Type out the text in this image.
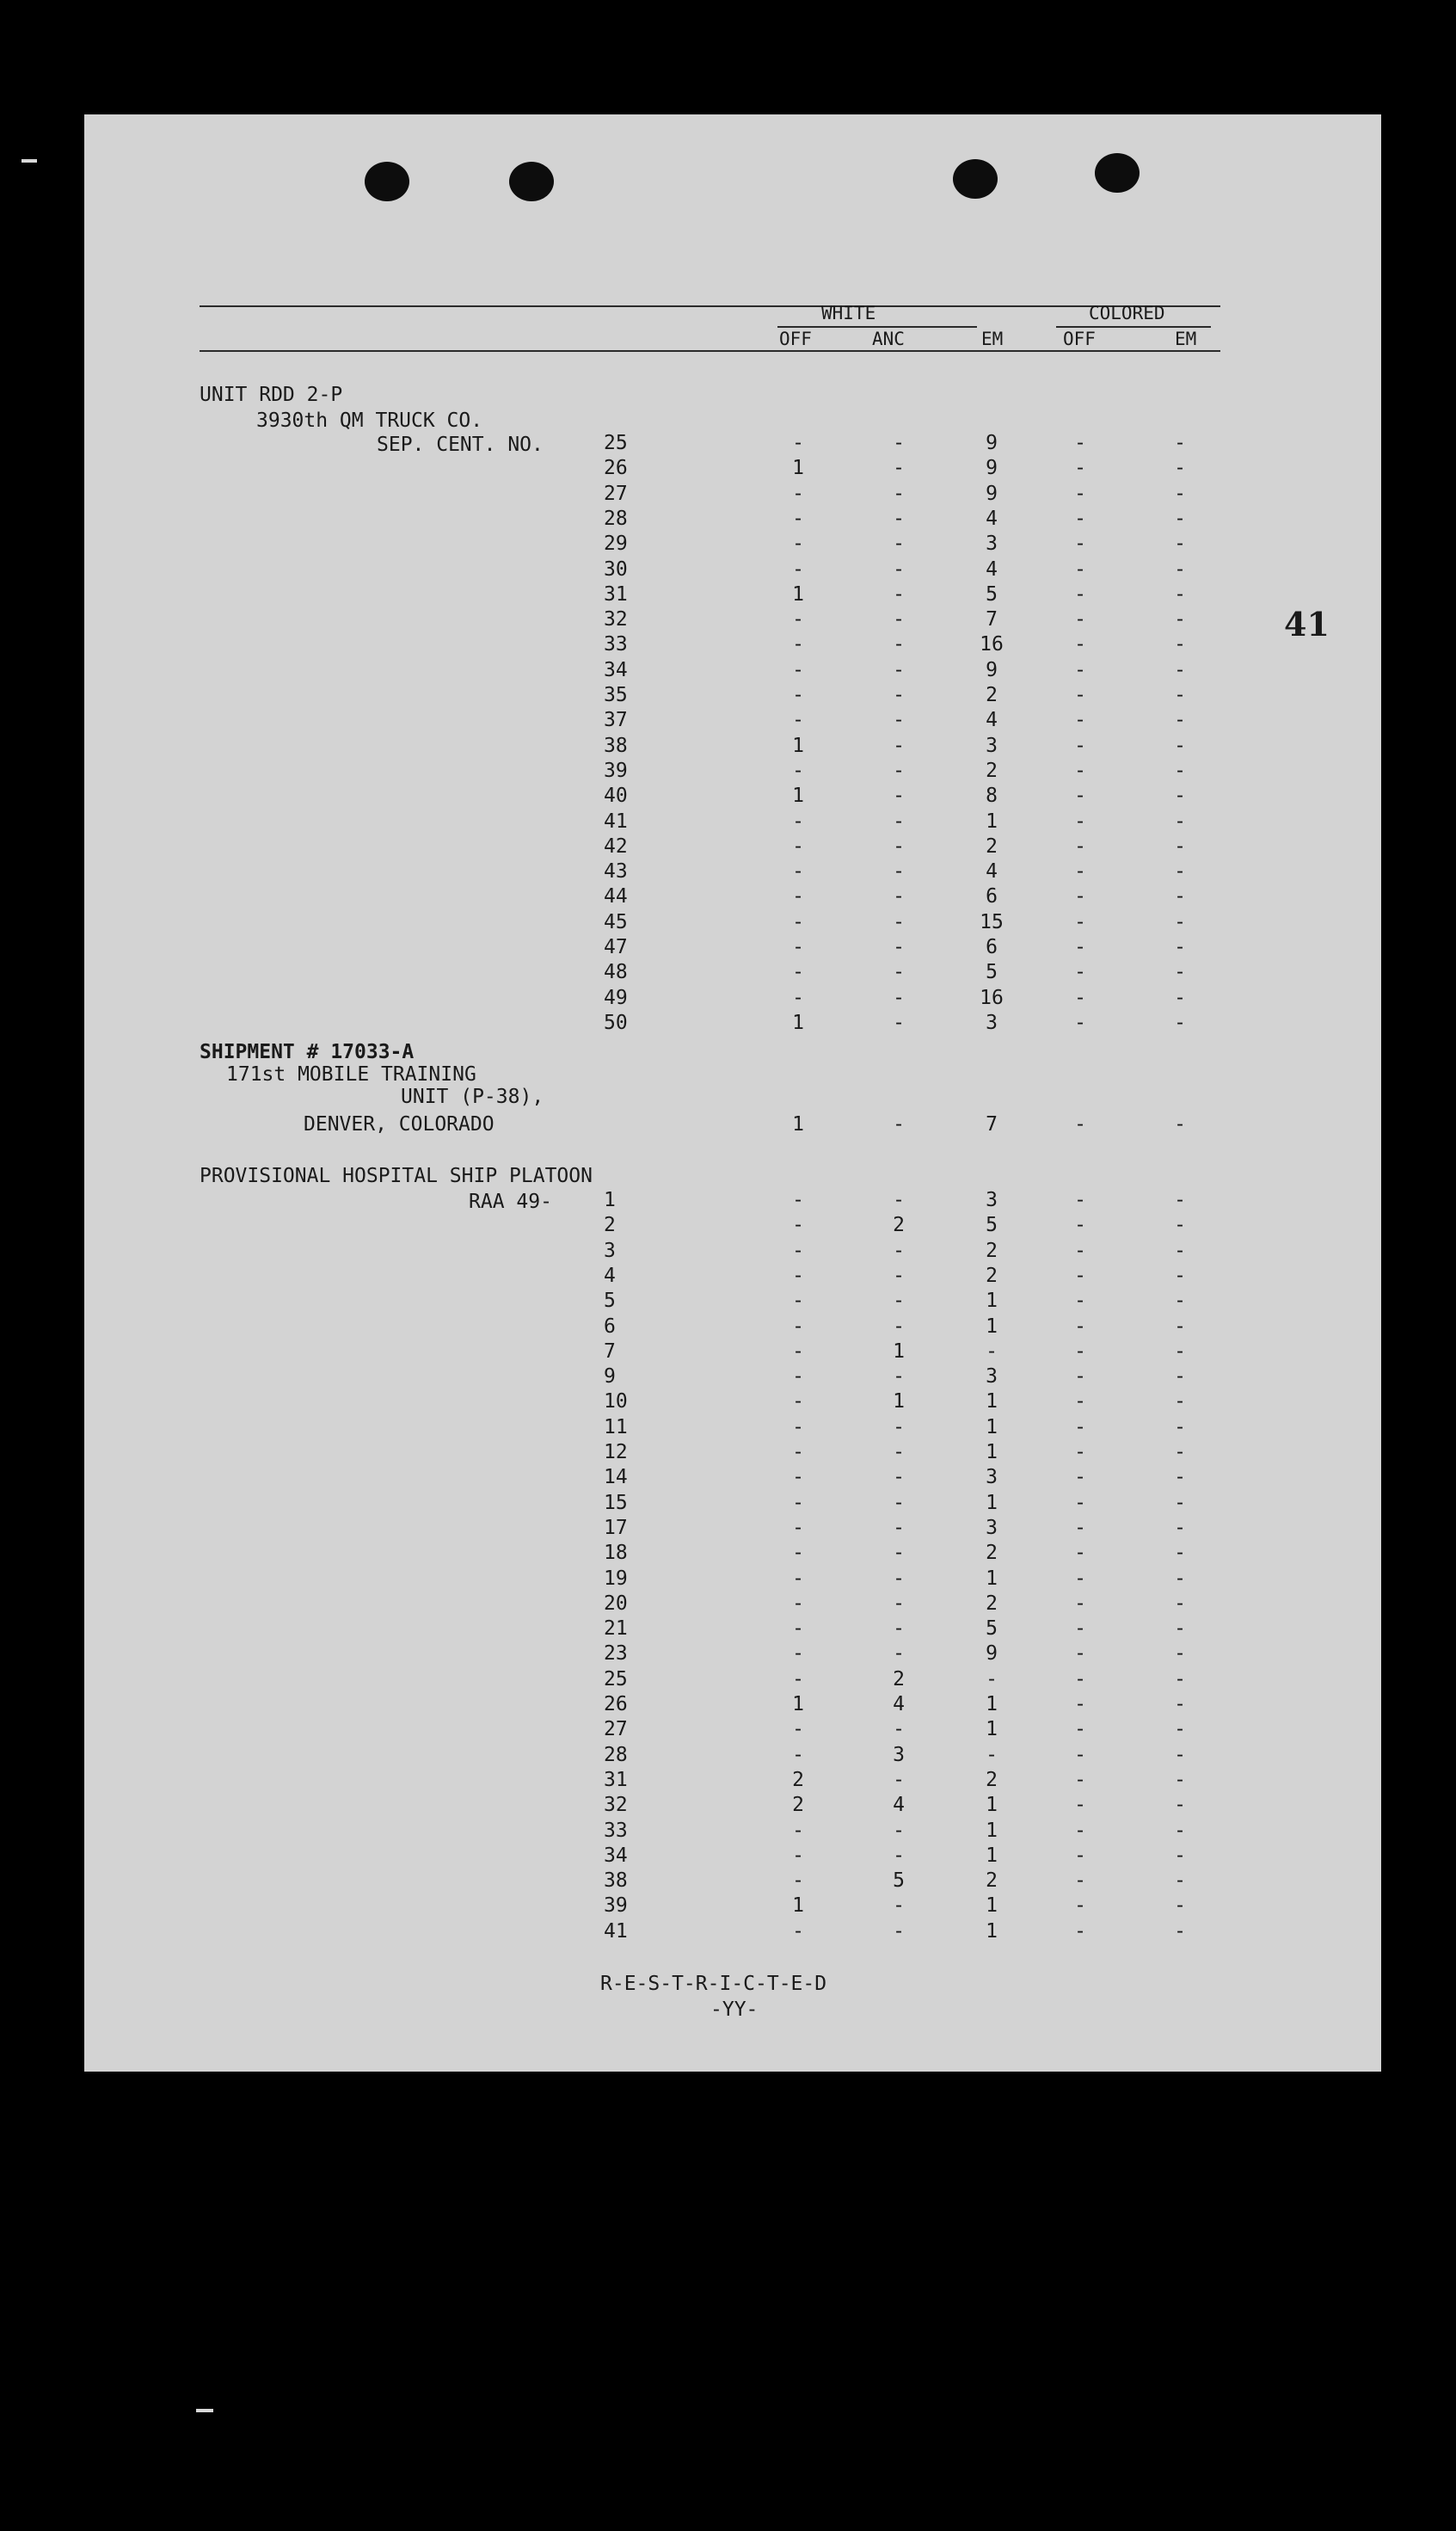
WHITE	COLORED
OFF	ANC	EM	OFF	EM
41
UNIT RDD 2-P
3930th QM TRUCK CO.
SEP. CENT. NO.	25	-	-	9	-	-
26	1	-	9	-	-
27	-	-	9	-	-
28	-	-	4	-	-
29	-	-	3	-	-
30	-	-	4	-	-
31	1	-	5	-	-
32	-	-	7	-	-
33	-	-	16	-	-
34	-	-	9	-	-
35	-	-	2	-	-
37	-	-	4	-	-
38	1	-	3	-	-
39	-	-	2	-	-
40	1	-	8	-	-
41	-	-	1	-	-
42	-	-	2	-	-
43	-	-	4	-	-
44	-	-	6	-	-
45	-	-	15	-	-
47	-	-	6	-	-
48	-	-	5	-	-
49	-	-	16	-	-
50	1	-	3	-	-
SHIPMENT # 17033-A
171st MOBILE TRAINING
UNIT (P-38),
DENVER, COLORADO	1	-	7	-	-
PROVISIONAL HOSPITAL SHIP PLATOON
RAA 49-	1	-	-	3	-	-
2	-	2	5	-	-
3	-	-	2	-	-
4	-	-	2	-	-
5	-	-	1	-	-
6	-	-	1	-	-
7	-	1	-	-	-
9	-	-	3	-	-
10	-	1	1	-	-
11	-	-	1	-	-
12	-	-	1	-	-
14	-	-	3	-	-
15	-	-	1	-	-
17	-	-	3	-	-
18	-	-	2	-	-
19	-	-	1	-	-
20	-	-	2	-	-
21	-	-	5	-	-
23	-	-	9	-	-
25	-	2	-	-	-
26	1	4	1	-	-
27	-	-	1	-	-
28	-	3	-	-	-
31	2	-	2	-	-
32	2	4	1	-	-
33	-	-	1	-	-
34	-	-	1	-	-
38	-	5	2	-	-
39	1	-	1	-	-
41	-	-	1	-	-
R-E-S-T-R-I-C-T-E-D
-YY-
